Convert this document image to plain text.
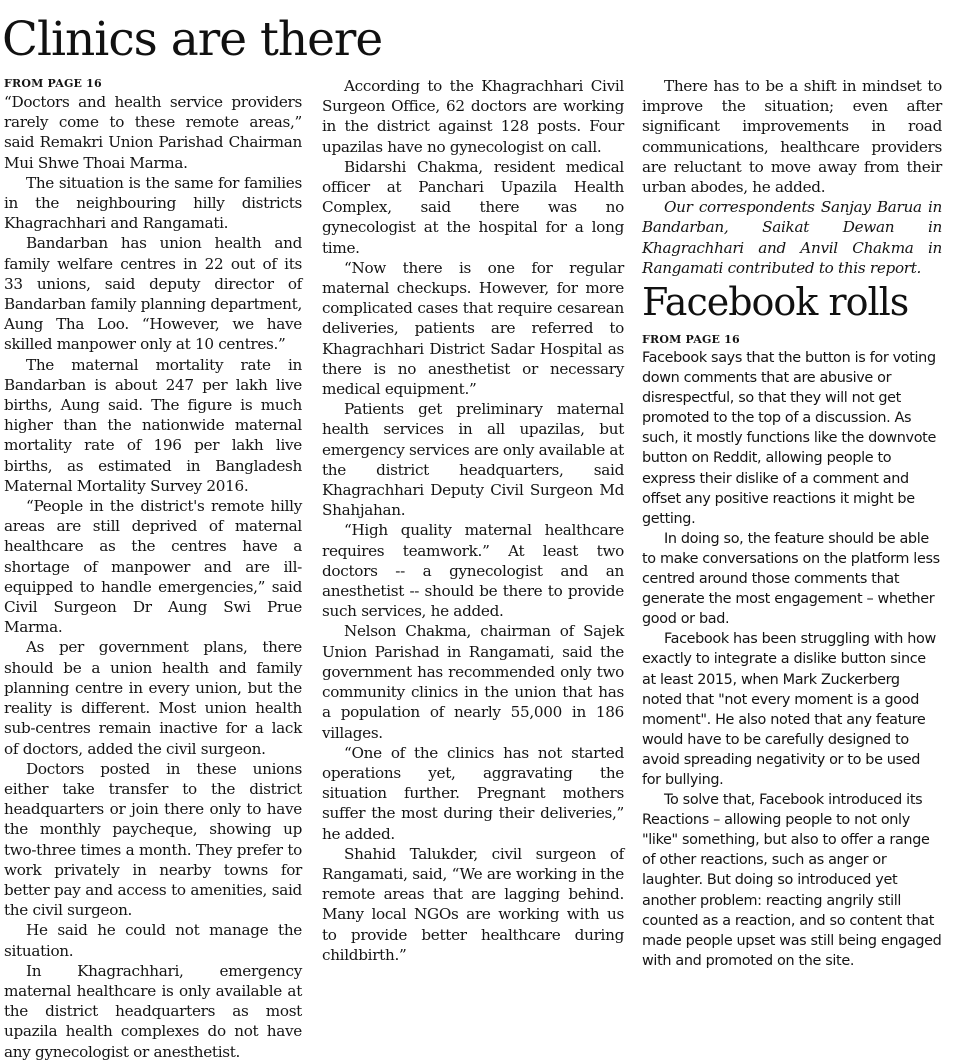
Clinics are there
FROM PAGE 16

“Doctors and health service providers rarely come to these remote areas,” said Remakri Union Parishad Chairman Mui Shwe Thoai Marma.

The situation is the same for families in the neighbouring hilly districts Khagrachhari and Rangamati.

Bandarban has union health and family welfare centres in 22 out of its 33 unions, said deputy director of Bandarban family planning department, Aung Tha Loo. “However, we have skilled manpower only at 10 centres.”

The maternal mortality rate in Bandarban is about 247 per lakh live births, Aung said. The figure is much higher than the nationwide maternal mortality rate of 196 per lakh live births, as estimated in Bangladesh Maternal Mortality Survey 2016.

“People in the district's remote hilly areas are still deprived of maternal healthcare as the centres have a shortage of manpower and are ill-equipped to handle emergencies,” said Civil Surgeon Dr Aung Swi Prue Marma.

As per government plans, there should be a union health and family planning centre in every union, but the reality is different. Most union health sub-centres remain inactive for a lack of doctors, added the civil surgeon.

Doctors posted in these unions either take transfer to the district headquarters or join there only to have the monthly paycheque, showing up two-three times a month. They prefer to work privately in nearby towns for better pay and access to amenities, said the civil surgeon.

He said he could not manage the situation.

In Khagrachhari, emergency maternal healthcare is only available at the district headquarters as most upazila health complexes do not have any gynecologist or anesthetist.

According to the Khagrachhari Civil Surgeon Office, 62 doctors are working in the district against 128 posts. Four upazilas have no gynecologist on call.

Bidarshi Chakma, resident medical officer at Panchari Upazila Health Complex, said there was no gynecologist at the hospital for a long time.

“Now there is one for regular maternal checkups. However, for more complicated cases that require cesarean deliveries, patients are referred to Khagrachhari District Sadar Hospital as there is no anesthetist or necessary medical equipment.”

Patients get preliminary maternal health services in all upazilas, but emergency services are only available at the district headquarters, said Khagrachhari Deputy Civil Surgeon Md Shahjahan.

“High quality maternal healthcare requires teamwork.” At least two doctors -- a gynecologist and an anesthetist -- should be there to provide such services, he added.

Nelson Chakma, chairman of Sajek Union Parishad in Rangamati, said the government has recommended only two community clinics in the union that has a population of nearly 55,000 in 186 villages.

“One of the clinics has not started operations yet, aggravating the situation further. Pregnant mothers suffer the most during their deliveries,” he added.

Shahid Talukder, civil surgeon of Rangamati, said, “We are working in the remote areas that are lagging behind. Many local NGOs are working with us to provide better healthcare during childbirth.”

There has to be a shift in mindset to improve the situation; even after significant improvements in road communications, healthcare providers are reluctant to move away from their urban abodes, he added.

Our correspondents Sanjay Barua in Bandarban, Saikat Dewan in Khagrachhari and Anvil Chakma in Rangamati contributed to this report.

Facebook rolls
FROM PAGE 16

Facebook says that the button is for voting down comments that are abusive or disrespectful, so that they will not get promoted to the top of a discussion. As such, it mostly functions like the downvote button on Reddit, allowing people to express their dislike of a comment and offset any positive reactions it might be getting.

In doing so, the feature should be able to make conversations on the platform less centred around those comments that generate the most engagement – whether good or bad.

Facebook has been struggling with how exactly to integrate a dislike button since at least 2015, when Mark Zuckerberg noted that "not every moment is a good moment". He also noted that any feature would have to be carefully designed to avoid spreading negativity or to be used for bullying.

To solve that, Facebook introduced its Reactions – allowing people to not only "like" something, but also to offer a range of other reactions, such as anger or laughter. But doing so introduced yet another problem: reacting angrily still counted as a reaction, and so content that made people upset was still being engaged with and promoted on the site.
